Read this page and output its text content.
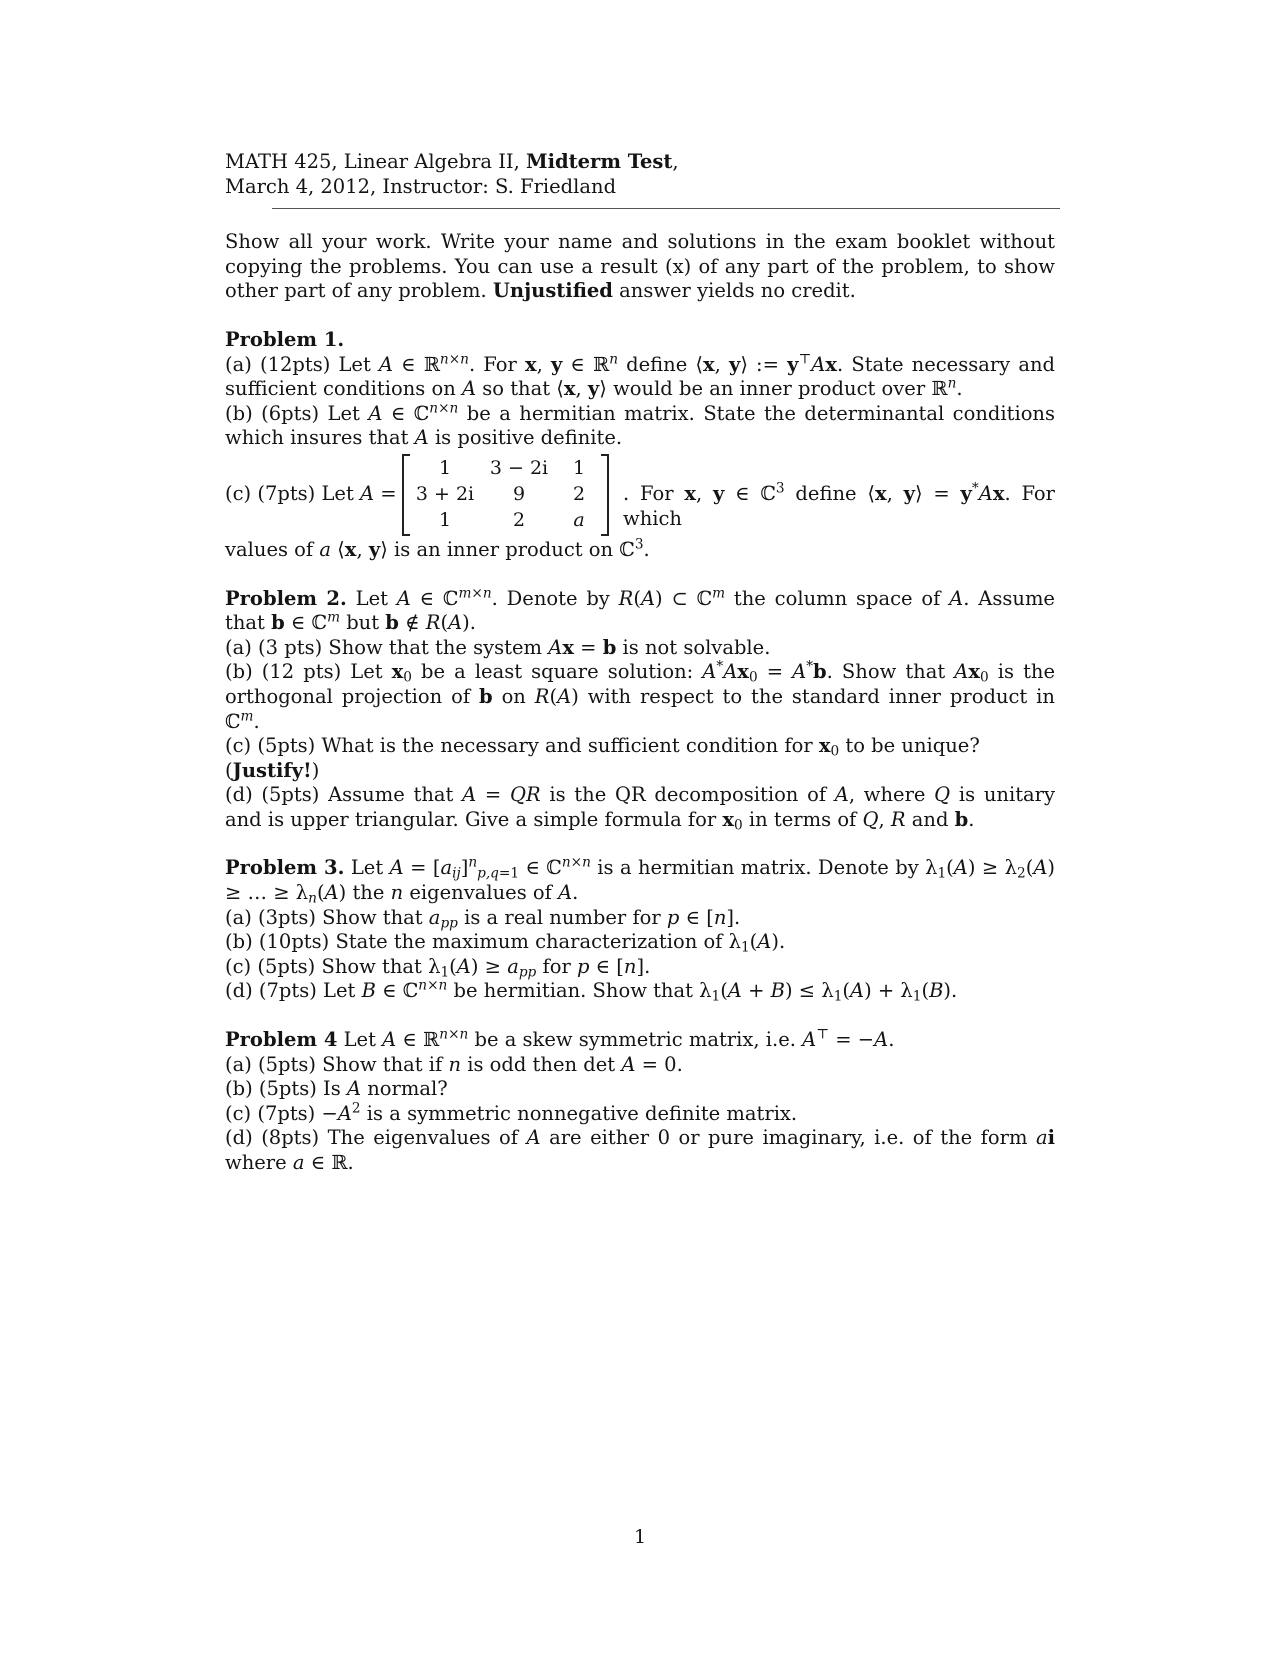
MATH 425, Linear Algebra II, Midterm Test,
March 4, 2012, Instructor: S. Friedland
Show all your work. Write your name and solutions in the exam booklet without copying the problems. You can use a result (x) of any part of the problem, to show other part of any problem. Unjustified answer yields no credit.
Problem 1.
(a) (12pts) Let A ∈ ℝ$^{n\times n}$. For x, y ∈ ℝ$^n$ define ⟨x, y⟩ := y⊤Ax. State necessary and sufficient conditions on A so that ⟨x, y⟩ would be an inner product over ℝ$^n$.
(b) (6pts) Let A ∈ ℂ$^{n\times n}$ be a hermitian matrix. State the determinantal conditions which insures that A is positive definite.
(c) (7pts) Let A =
1	3 − 2i	1
3 + 2i	9	2
1	2	a
. For x, y ∈ ℂ$^3$ define ⟨x, y⟩ = y*Ax. For which
values of a ⟨x, y⟩ is an inner product on ℂ$^3$.
Problem 2. Let A ∈ ℂ$^{m\times n}$. Denote by R(A) ⊂ ℂ$^m$ the column space of A. Assume that b ∈ ℂ$^m$ but b ∉ R(A).
(a) (3 pts) Show that the system Ax = b is not solvable.
(b) (12 pts) Let $x_0$ be a least square solution: $A^*Ax_0 = A^*b$. Show that $Ax_0$ is the orthogonal projection of b on R(A) with respect to the standard inner product in ℂ$^m$.
(c) (5pts) What is the necessary and sufficient condition for $x_0$ to be unique? (Justify!)
(d) (5pts) Assume that A = QR is the QR decomposition of A, where Q is unitary and is upper triangular. Give a simple formula for $x_0$ in terms of Q, R and b.
Problem 3. Let $A = [a_{ij}]^n_{p,q=1}$ ∈ ℂ$^{n\times n}$ is a hermitian matrix. Denote by $\lambda_1(A) \ge \lambda_2(A)$ ≥ … ≥ $\lambda_n(A)$ the n eigenvalues of A.
(a) (3pts) Show that $a_{pp}$ is a real number for p ∈ [n].
(b) (10pts) State the maximum characterization of $\lambda_1(A)$.
(c) (5pts) Show that $\lambda_1(A) \ge a_{pp}$ for p ∈ [n].
(d) (7pts) Let B ∈ ℂ$^{n\times n}$ be hermitian. Show that $\lambda_1(A + B) \le \lambda_1(A) + \lambda_1(B)$.
Problem 4 Let A ∈ ℝ$^{n\times n}$ be a skew symmetric matrix, i.e. A⊤ = −A.
(a) (5pts) Show that if n is odd then det A = 0.
(b) (5pts) Is A normal?
(c) $(7pts) -A^2$ is a symmetric nonnegative definite matrix.
(d) (8pts) The eigenvalues of A are either 0 or pure imaginary, i.e. of the form ai where a ∈ ℝ.
1
